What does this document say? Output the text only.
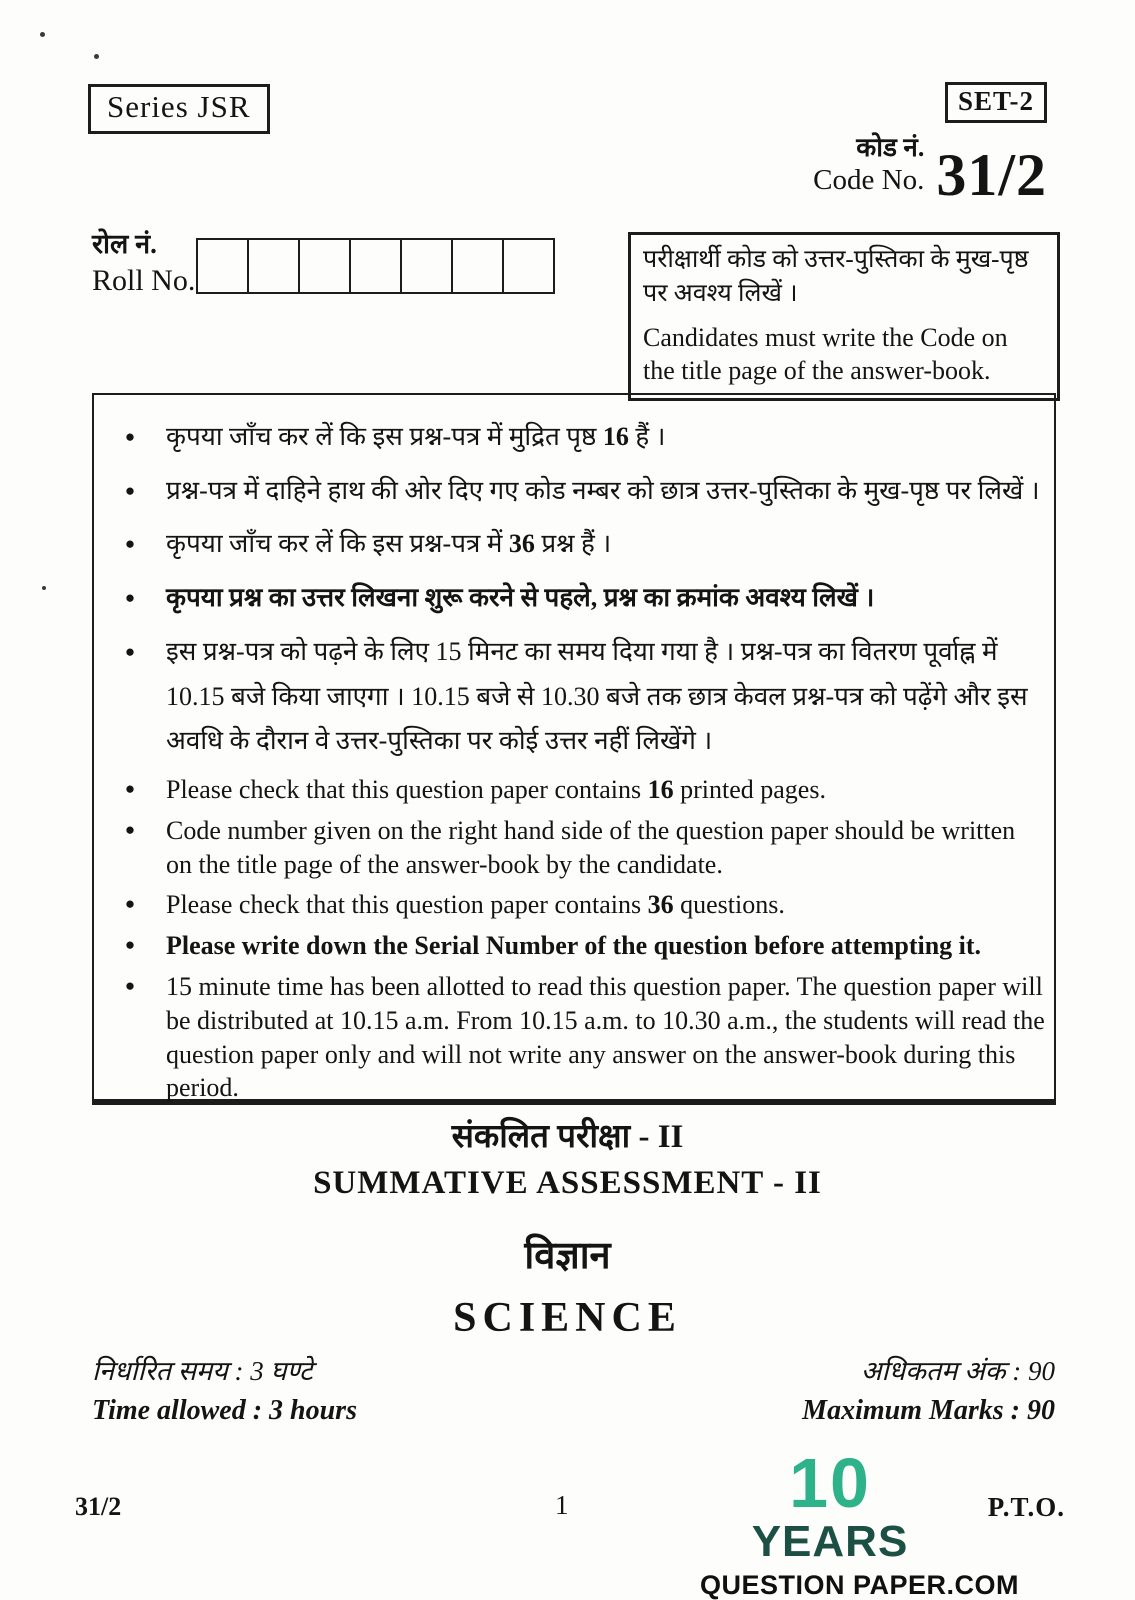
Series JSR	SET-2
कोड नं.
Code No. 31/2
रोल नं.
Roll No.
परीक्षार्थी कोड को उत्तर-पुस्तिका के मुख-पृष्ठ पर अवश्य लिखें ।
Candidates must write the Code on the title page of the answer-book.
●	कृपया जाँच कर लें कि इस प्रश्न-पत्र में मुद्रित पृष्ठ 16 हैं ।
●	प्रश्न-पत्र में दाहिने हाथ की ओर दिए गए कोड नम्बर को छात्र उत्तर-पुस्तिका के मुख-पृष्ठ पर लिखें ।
●	कृपया जाँच कर लें कि इस प्रश्न-पत्र में 36 प्रश्न हैं ।
●	कृपया प्रश्न का उत्तर लिखना शुरू करने से पहले, प्रश्न का क्रमांक अवश्य लिखें ।
●	इस प्रश्न-पत्र को पढ़ने के लिए 15 मिनट का समय दिया गया है । प्रश्न-पत्र का वितरण पूर्वाह्न में 10.15 बजे किया जाएगा । 10.15 बजे से 10.30 बजे तक छात्र केवल प्रश्न-पत्र को पढ़ेंगे और इस अवधि के दौरान वे उत्तर-पुस्तिका पर कोई उत्तर नहीं लिखेंगे ।
●	Please check that this question paper contains 16 printed pages.
●	Code number given on the right hand side of the question paper should be written on the title page of the answer-book by the candidate.
●	Please check that this question paper contains 36 questions.
●	Please write down the Serial Number of the question before attempting it.
●	15 minute time has been allotted to read this question paper. The question paper will be distributed at 10.15 a.m. From 10.15 a.m. to 10.30 a.m., the students will read the question paper only and will not write any answer on the answer-book during this period.
संकलित परीक्षा - II
SUMMATIVE ASSESSMENT - II
विज्ञान
SCIENCE
निर्धारित समय : 3 घण्टे
Time allowed : 3 hours
अधिकतम अंक : 90
Maximum Marks : 90
31/2	1	P.T.O.
10
YEARS
QUESTION PAPER.COM
